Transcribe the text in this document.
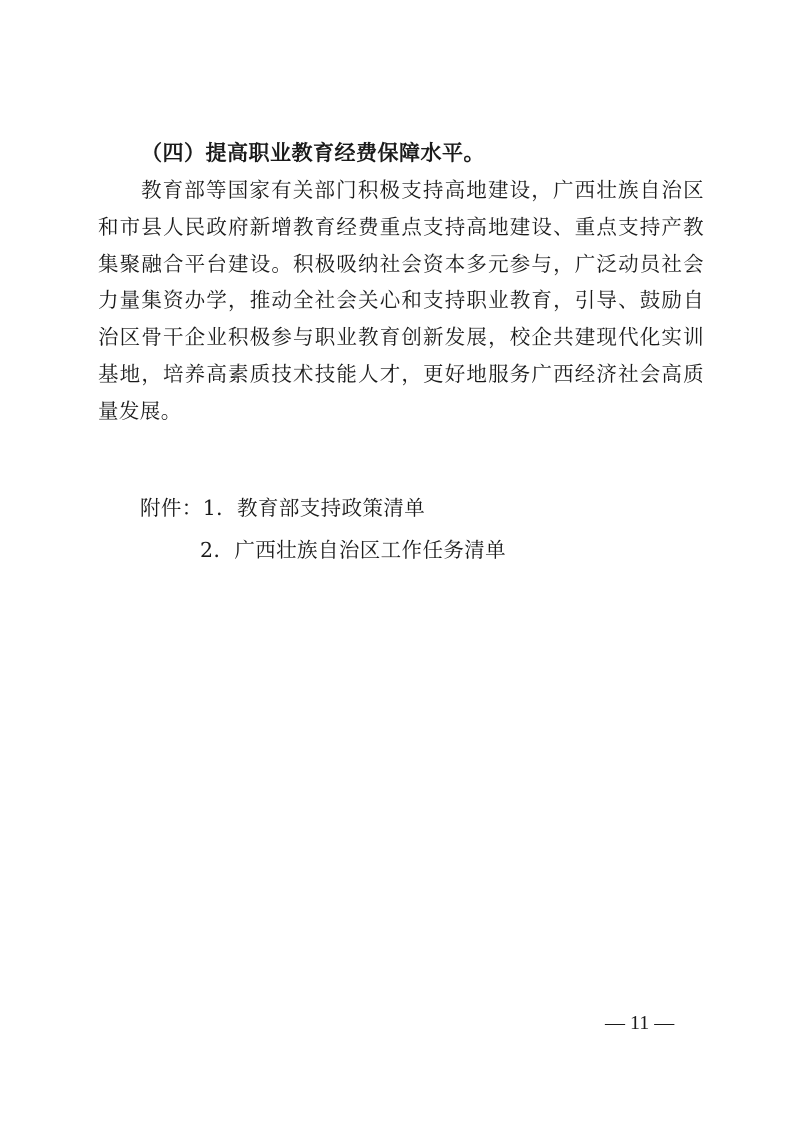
（四）提高职业教育经费保障水平。

教育部等国家有关部门积极支持高地建设，广西壮族自治区和市县人民政府新增教育经费重点支持高地建设、重点支持产教集聚融合平台建设。积极吸纳社会资本多元参与，广泛动员社会力量集资办学，推动全社会关心和支持职业教育，引导、鼓励自治区骨干企业积极参与职业教育创新发展，校企共建现代化实训基地，培养高素质技术技能人才，更好地服务广西经济社会高质量发展。

附件：1．教育部支持政策清单
2．广西壮族自治区工作任务清单
— 11 —
